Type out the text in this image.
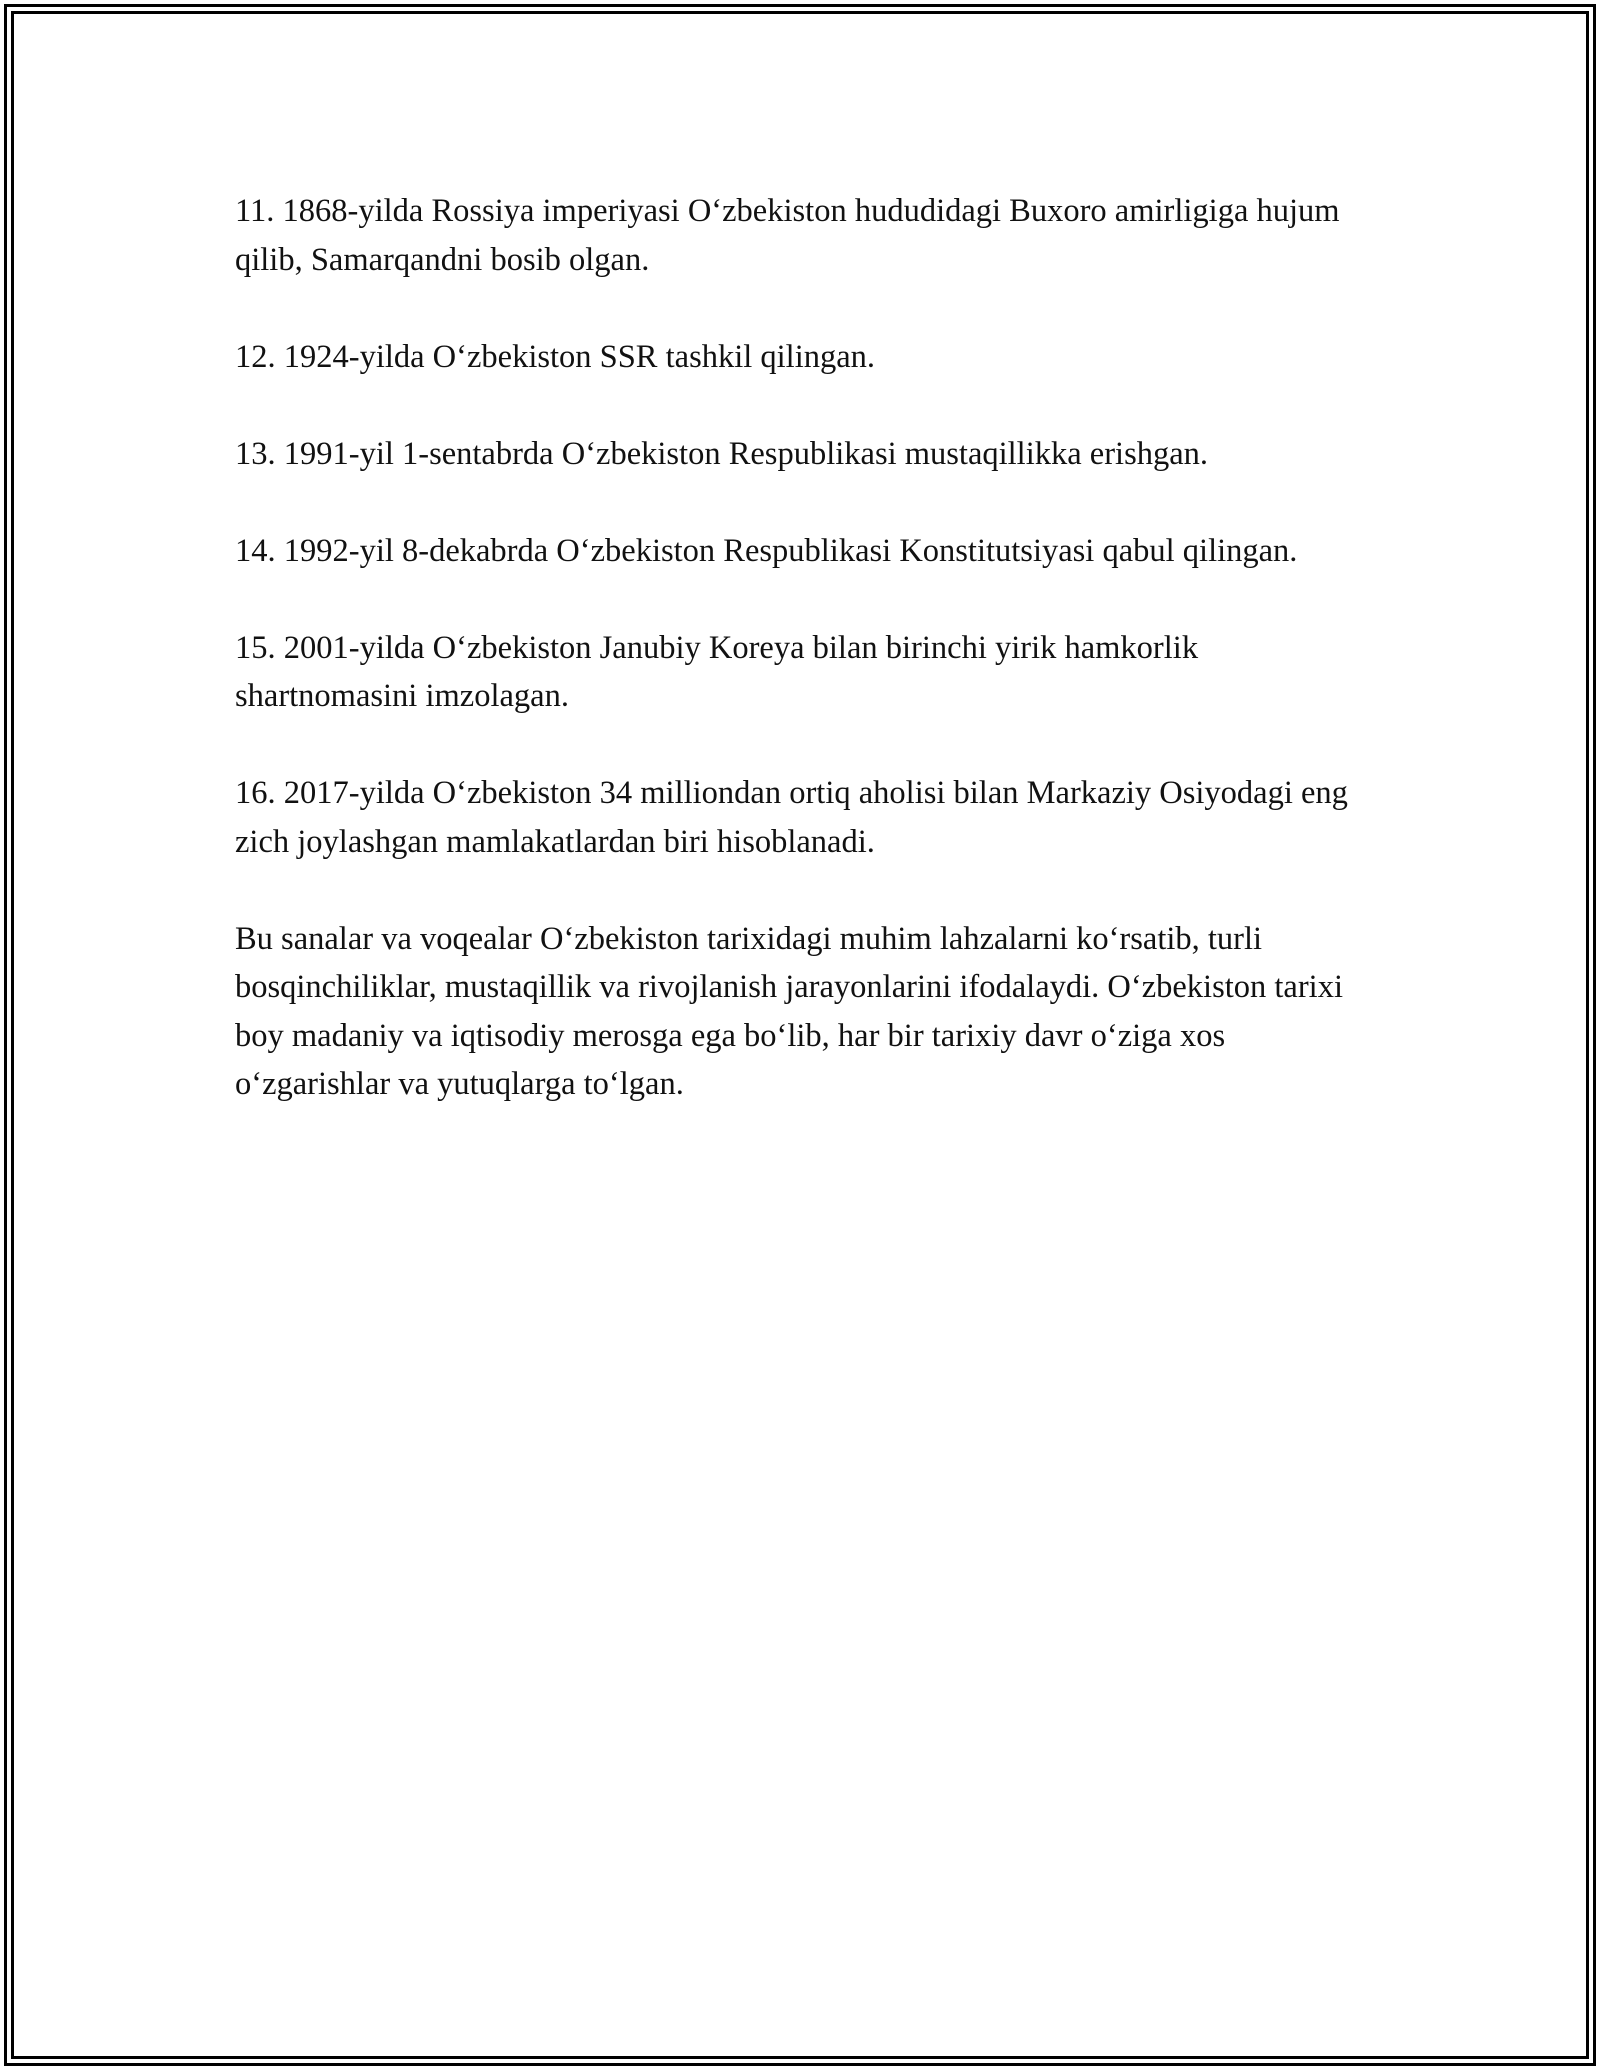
11. 1868-yilda Rossiya imperiyasi O‘zbekiston hududidagi Buxoro amirligiga hujum qilib, Samarqandni bosib olgan.

12. 1924-yilda O‘zbekiston SSR tashkil qilingan.

13. 1991-yil 1-sentabrda O‘zbekiston Respublikasi mustaqillikka erishgan.

14. 1992-yil 8-dekabrda O‘zbekiston Respublikasi Konstitutsiyasi qabul qilingan.

15. 2001-yilda O‘zbekiston Janubiy Koreya bilan birinchi yirik hamkorlik shartnomasini imzolagan.

16. 2017-yilda O‘zbekiston 34 milliondan ortiq aholisi bilan Markaziy Osiyodagi eng zich joylashgan mamlakatlardan biri hisoblanadi.

Bu sanalar va voqealar O‘zbekiston tarixidagi muhim lahzalarni ko‘rsatib, turli bosqinchiliklar, mustaqillik va rivojlanish jarayonlarini ifodalaydi. O‘zbekiston tarixi boy madaniy va iqtisodiy merosga ega bo‘lib, har bir tarixiy davr o‘ziga xos o‘zgarishlar va yutuqlarga to‘lgan.
